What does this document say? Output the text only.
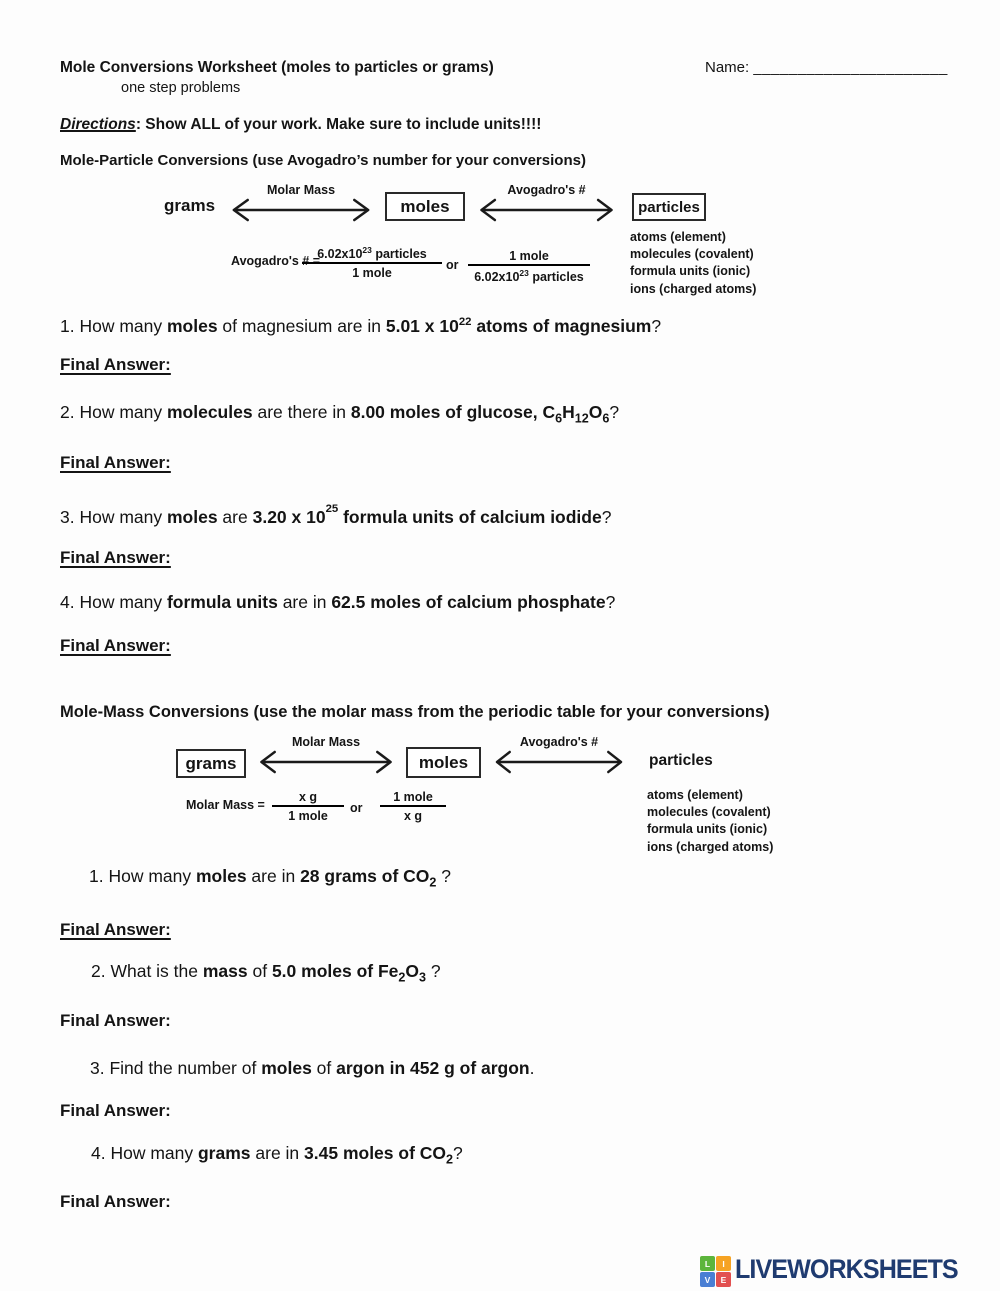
Mole Conversions Worksheet (moles to particles or grams)
one step problems
Name: ______________________
Directions: Show ALL of your work. Make sure to include units!!!!
Mole-Particle Conversions (use Avogadro’s number for your conversions)
grams
Molar Mass
moles
Avogadro's #
particles
atoms (element)
molecules (covalent)
formula units (ionic)
ions (charged atoms)
Avogadro's # =
$6.02x10^{23}$ particles
1 mole
or
1 mole
$6.02x10^{23}$ particles
1. How many moles of magnesium are in 5.01 x $10^{22}$ atoms of magnesium?
Final Answer:
2. How many molecules are there in 8.00 moles of glucose, $C_6H_{12}O_6$?
Final Answer:
3. How many moles are 3.20 x $10^{25}$ formula units of calcium iodide?
Final Answer:
4. How many formula units are in 62.5 moles of calcium phosphate?
Final Answer:
Mole-Mass Conversions (use the molar mass from the periodic table for your conversions)
grams
Molar Mass
moles
Avogadro's #
particles
atoms (element)
molecules (covalent)
formula units (ionic)
ions (charged atoms)
Molar Mass =
x g
1 mole
or
1 mole
x g
1. How many moles are in 28 grams of $CO_2$ ?
Final Answer:
2. What is the mass of 5.0 moles of $Fe_2O_3$ ?
Final Answer:
3. Find the number of moles of argon in 452 g of argon.
Final Answer:
4. How many grams are in 3.45 moles of $CO_2$?
Final Answer:
L	I
V	E LIVEWORKSHEETS
